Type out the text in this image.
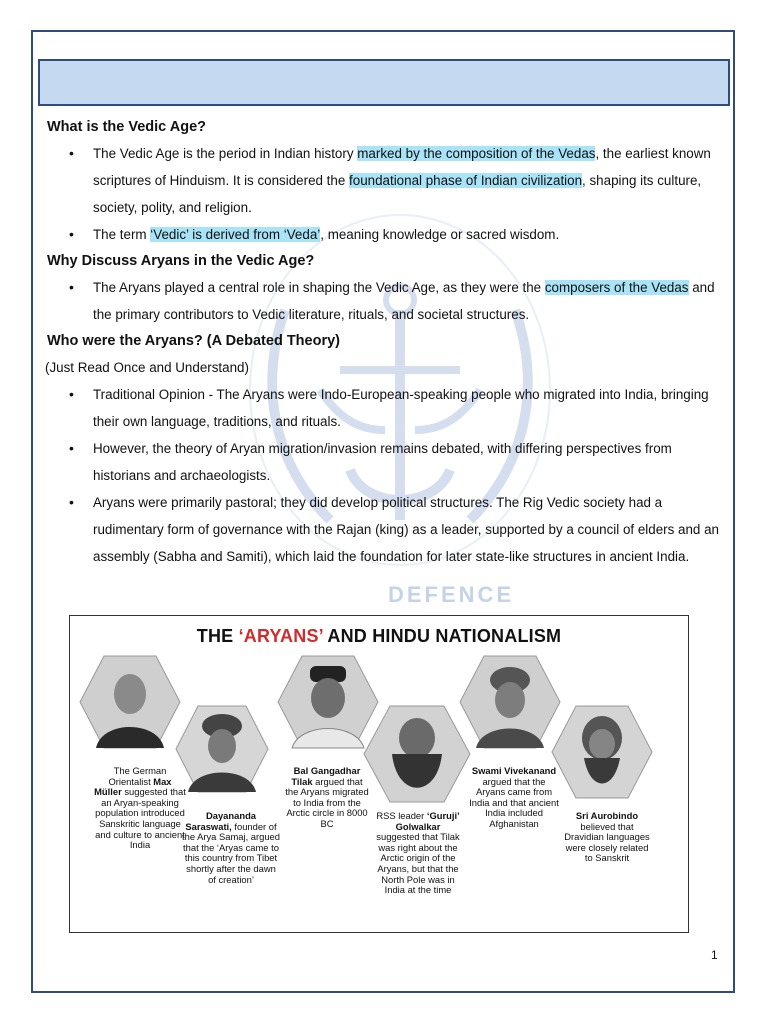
DEFENCE
What is the Vedic Age?
• The Vedic Age is the period in Indian history marked by the composition of the Vedas, the earliest known scriptures of Hinduism. It is considered the foundational phase of Indian civilization, shaping its culture, society, polity, and religion.
• The term ‘Vedic’ is derived from ‘Veda’, meaning knowledge or sacred wisdom.
Why Discuss Aryans in the Vedic Age?
• The Aryans played a central role in shaping the Vedic Age, as they were the composers of the Vedas and the primary contributors to Vedic literature, rituals, and societal structures.
Who were the Aryans? (A Debated Theory)
(Just Read Once and Understand)
• Traditional Opinion - The Aryans were Indo-European-speaking people who migrated into India, bringing their own language, traditions, and rituals.
• However, the theory of Aryan migration/invasion remains debated, with differing perspectives from historians and archaeologists.
• Aryans were primarily pastoral; they did develop political structures. The Rig Vedic society had a rudimentary form of governance with the Rajan (king) as a leader, supported by a council of elders and an assembly (Sabha and Samiti), which laid the foundation for later state-like structures in ancient India.
THE ‘ARYANS’ AND HINDU NATIONALISM
The German Orientalist Max Müller suggested that an Aryan-speaking population introduced Sanskritic language and culture to ancient India
Dayananda Saraswati, founder of the Arya Samaj, argued that the ‘Aryas came to this country from Tibet shortly after the dawn of creation’
Bal Gangadhar Tilak argued that the Aryans migrated to India from the Arctic circle in 8000 BC
RSS leader ‘Guruji’ Golwalkar suggested that Tilak was right about the Arctic origin of the Aryans, but that the North Pole was in India at the time
Swami Vivekanand argued that the Aryans came from India and that ancient India included Afghanistan
Sri Aurobindo believed that Dravidian languages were closely related to Sanskrit
1
